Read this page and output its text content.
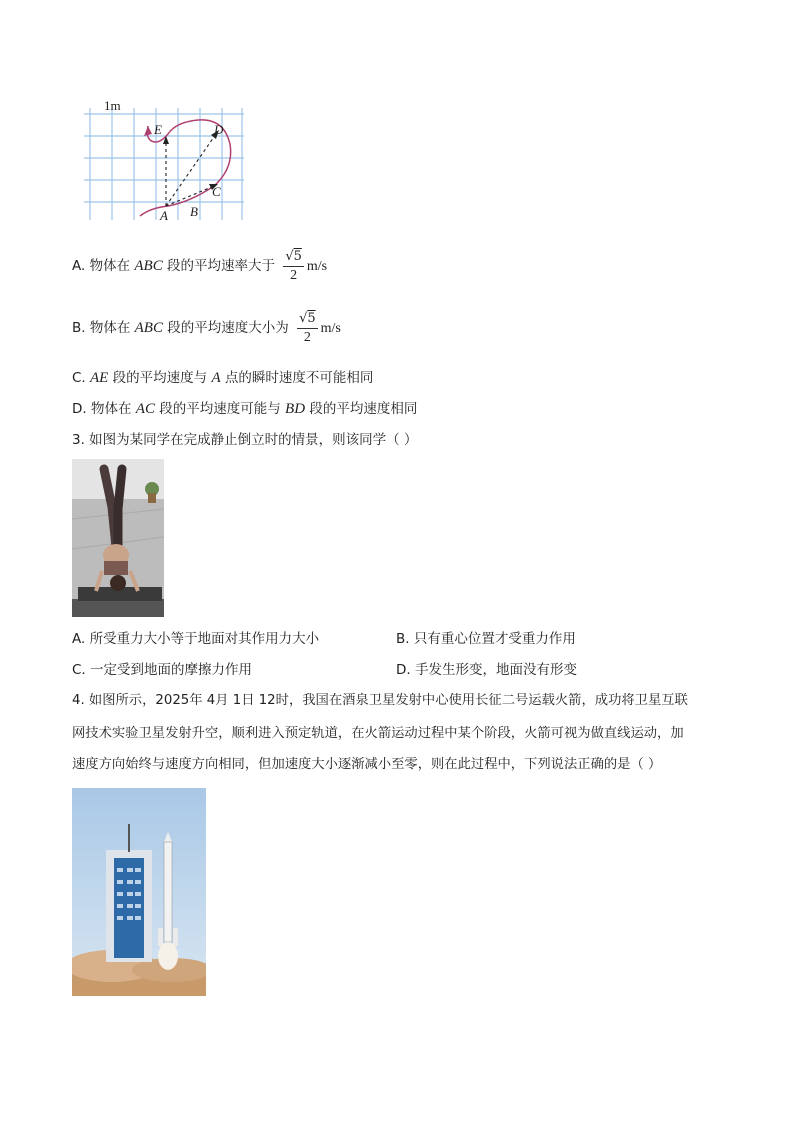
E	D
C
B
A
1m
A. 物体在 ABC 段的平均速率大于 $\frac{√5}{2} m/s$
B. 物体在 ABC 段的平均速度大小为 $\frac{√5}{2} m/s$
C. AE 段的平均速度与 A 点的瞬时速度不可能相同
D. 物体在 AC 段的平均速度可能与 BD 段的平均速度相同
3. 如图为某同学在完成静止倒立时的情景，则该同学（ ）
A. 所受重力大小等于地面对其作用力大小	B. 只有重心位置才受重力作用
C. 一定受到地面的摩擦力作用	D. 手发生形变，地面没有形变
4. 如图所示，2025年 4月 1日 12时，我国在酒泉卫星发射中心使用长征二号运载火箭，成功将卫星互联
网技术实验卫星发射升空，顺利进入预定轨道，在火箭运动过程中某个阶段，火箭可视为做直线运动，加
速度方向始终与速度方向相同，但加速度大小逐渐减小至零，则在此过程中，下列说法正确的是（ ）
